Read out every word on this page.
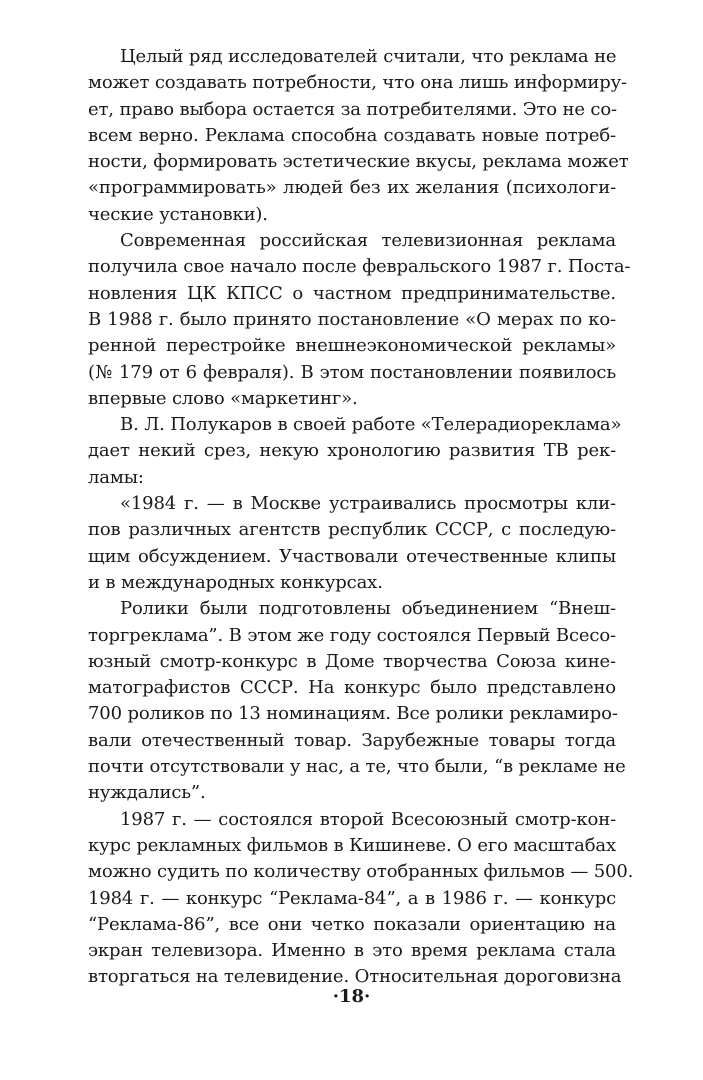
Целый ряд исследователей считали, что реклама не
может создавать потребности, что она лишь информиру-
ет, право выбора остается за потребителями. Это не со-
всем верно. Реклама способна создавать новые потреб-
ности, формировать эстетические вкусы, реклама может
«программировать» людей без их желания (психологи-
ческие установки).
Современная российская телевизионная реклама
получила свое начало после февральского 1987 г. Поста-
новления ЦК КПСС о частном предпринимательстве.
В 1988 г. было принято постановление «О мерах по ко-
ренной перестройке внешнеэкономической рекламы»
(№ 179 от 6 февраля). В этом постановлении появилось
впервые слово «маркетинг».
В. Л. Полукаров в своей работе «Телерадиореклама»
дает некий срез, некую хронологию развития ТВ рек-
ламы:
«1984 г. — в Москве устраивались просмотры кли-
пов различных агентств республик СССР, с последую-
щим обсуждением. Участвовали отечественные клипы
и в международных конкурсах.
Ролики были подготовлены объединением “Внеш-
торгреклама”. В этом же году состоялся Первый Всесо-
юзный смотр-конкурс в Доме творчества Союза кине-
матографистов СССР. На конкурс было представлено
700 роликов по 13 номинациям. Все ролики рекламиро-
вали отечественный товар. Зарубежные товары тогда
почти отсутствовали у нас, а те, что были, “в рекламе не
нуждались”.
1987 г. — состоялся второй Всесоюзный смотр-кон-
курс рекламных фильмов в Кишиневе. О его масштабах
можно судить по количеству отобранных фильмов — 500.
1984 г. — конкурс “Реклама-84”, а в 1986 г. — конкурс
“Реклама-86”, все они четко показали ориентацию на
экран телевизора. Именно в это время реклама стала
вторгаться на телевидение. Относительная дороговизна
·18·
